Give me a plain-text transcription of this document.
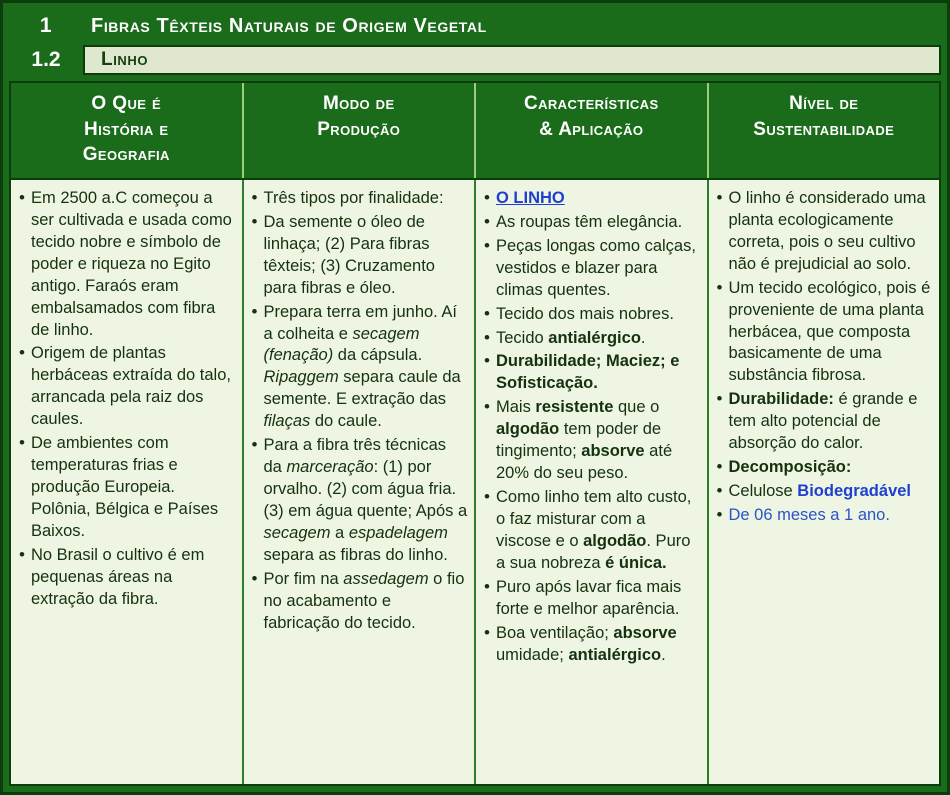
1	Fibras Têxteis Naturais de Origem Vegetal
1.2	Linho
O Que é
História e
Geografia
Modo de
Produção
Características
& Aplicação
Nível de
Sustentabilidade
• Em 2500 a.C começou a ser cultivada e usada como tecido nobre e símbolo de poder e riqueza no Egito antigo. Faraós eram embalsamados com fibra de linho.
• Origem de plantas herbáceas extraída do talo, arrancada pela raiz dos caules.
• De ambientes com temperaturas frias e produção Europeia. Polônia, Bélgica e Países Baixos.
• No Brasil o cultivo é em pequenas áreas na extração da fibra.
• Três tipos por finalidade:
• Da semente o óleo de linhaça; (2) Para fibras têxteis; (3) Cruzamento para fibras e óleo.
• Prepara terra em junho. Aí a colheita e secagem (fenação) da cápsula. Ripaggem separa caule da semente. E extração das filaças do caule.
• Para a fibra três técnicas da marceração: (1) por orvalho. (2) com água fria. (3) em água quente; Após a secagem a espadelagem separa as fibras do linho.
• Por fim na assedagem o fio no acabamento e fabricação do tecido.
• O LINHO
• As roupas têm elegância.
• Peças longas como calças, vestidos e blazer para climas quentes.
• Tecido dos mais nobres.
• Tecido antialérgico.
• Durabilidade; Maciez; e Sofisticação.
• Mais resistente que o algodão tem poder de tingimento; absorve até 20% do seu peso.
• Como linho tem alto custo, o faz misturar com a viscose e o algodão. Puro a sua nobreza é única.
• Puro após lavar fica mais forte e melhor aparência.
• Boa ventilação; absorve umidade; antialérgico.
• O linho é considerado uma planta ecologicamente correta, pois o seu cultivo não é prejudicial ao solo.
• Um tecido ecológico, pois é proveniente de uma planta herbácea, que composta basicamente de uma substância fibrosa.
• Durabilidade: é grande e tem alto potencial de absorção do calor.
• Decomposição:
• Celulose Biodegradável
• De 06 meses a 1 ano.
